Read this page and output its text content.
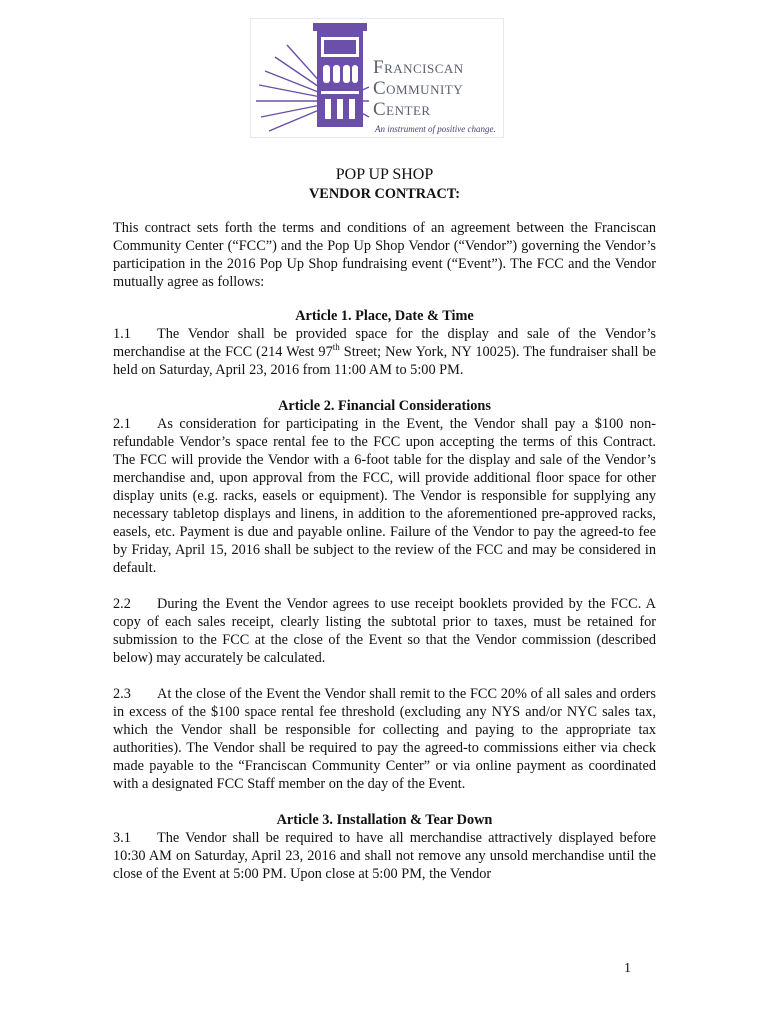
Franciscan
Community
Center
An instrument of positive change.
POP UP SHOP
VENDOR CONTRACT:

This contract sets forth the terms and conditions of an agreement between the Franciscan Community Center (“FCC”) and the Pop Up Shop Vendor (“Vendor”) governing the Vendor’s participation in the 2016 Pop Up Shop fundraising event (“Event”). The FCC and the Vendor mutually agree as follows:

Article 1. Place, Date & Time

1.1 The Vendor shall be provided space for the display and sale of the Vendor’s merchandise at the FCC (214 West 97th Street; New York, NY 10025). The fundraiser shall be held on Saturday, April 23, 2016 from 11:00 AM to 5:00 PM.

Article 2. Financial Considerations

2.1 As consideration for participating in the Event, the Vendor shall pay a $100 non-refundable Vendor’s space rental fee to the FCC upon accepting the terms of this Contract. The FCC will provide the Vendor with a 6-foot table for the display and sale of the Vendor’s merchandise and, upon approval from the FCC, will provide additional floor space for other display units (e.g. racks, easels or equipment). The Vendor is responsible for supplying any necessary tabletop displays and linens, in addition to the aforementioned pre-approved racks, easels, etc. Payment is due and payable online. Failure of the Vendor to pay the agreed-to fee by Friday, April 15, 2016 shall be subject to the review of the FCC and may be considered in default.

2.2 During the Event the Vendor agrees to use receipt booklets provided by the FCC. A copy of each sales receipt, clearly listing the subtotal prior to taxes, must be retained for submission to the FCC at the close of the Event so that the Vendor commission (described below) may accurately be calculated.

2.3 At the close of the Event the Vendor shall remit to the FCC 20% of all sales and orders in excess of the $100 space rental fee threshold (excluding any NYS and/or NYC sales tax, which the Vendor shall be responsible for collecting and paying to the appropriate tax authorities). The Vendor shall be required to pay the agreed-to commissions either via check made payable to the “Franciscan Community Center” or via online payment as coordinated with a designated FCC Staff member on the day of the Event.

Article 3. Installation & Tear Down

3.1 The Vendor shall be required to have all merchandise attractively displayed before 10:30 AM on Saturday, April 23, 2016 and shall not remove any unsold merchandise until the close of the Event at 5:00 PM. Upon close at 5:00 PM, the Vendor

1
